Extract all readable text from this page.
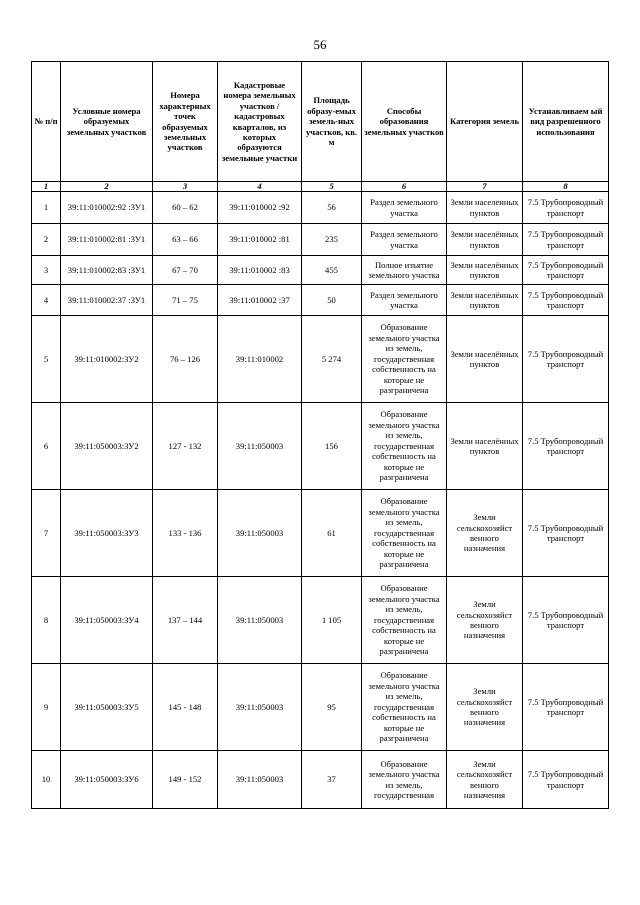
56
№ п/п	Условные номера образуемых земельных участков	Номера характерных точек образуемых земельных участков	Кадастровые номера земельных участков / кадастровых кварталов, из которых образуются земельные участки	Площадь образу-емых земель-ных участков, кв. м	Способы образования земельных участков	Категория земель	Устанавливаем ый вид разрешенного использования
1	2	3	4	5	6	7	8
1	39:11:010002:92 :ЗУ1	60 – 62	39:11:010002 :92	56	Раздел земельного участка	Земли населенных пунктов	7.5 Трубопроводный транспорт
2	39:11:010002:81 :ЗУ1	63 – 66	39:11:010002 :81	235	Раздел земельного участка	Земли населённых пунктов	7.5 Трубопроводный транспорт
3	39:11:010002:83 :ЗУ1	67 – 70	39:11:010002 :83	455	Полное изъятие земельного участка	Земли населённых пунктов	7.5 Трубопроводный транспорт
4	39:11:010002:37 :ЗУ1	71 – 75	39:11:010002 :37	50	Раздел земельного участка	Земли населённых пунктов	7.5 Трубопроводный транспорт
5	39:11:010002:ЗУ2	76 – 126	39:11:010002	5 274	Образование земельного участка из земель, государственная собственность на которые не разграничена	Земли населённых пунктов	7.5 Трубопроводный транспорт
6	39:11:050003:ЗУ2	127 - 132	39:11:050003	156	Образование земельного участка из земель, государственная собственность на которые не разграничена	Земли населённых пунктов	7.5 Трубопроводный транспорт
7	39:11:050003:ЗУ3	133 - 136	39:11:050003	61	Образование земельного участка из земель, государственная собственность на которые не разграничена	Земли сельскохозяйст венного назначения	7.5 Трубопроводный транспорт
8	39:11:050003:ЗУ4	137 – 144	39:11:050003	1 105	Образование земельного участка из земель, государственная собственность на которые не разграничена	Земли сельскохозяйст венного назначения	7.5 Трубопроводный транспорт
9	39:11:050003:ЗУ5	145 - 148	39:11:050003	95	Образование земельного участка из земель, государственная собственность на которые не разграничена	Земли сельскохозяйст венного назначения	7.5 Трубопроводный транспорт
10	39:11:050003:ЗУ6	149 - 152	39:11:050003	37	Образование земельного участка из земель, государственная	Земли сельскохозяйст венного назначения	7.5 Трубопроводный транспорт
